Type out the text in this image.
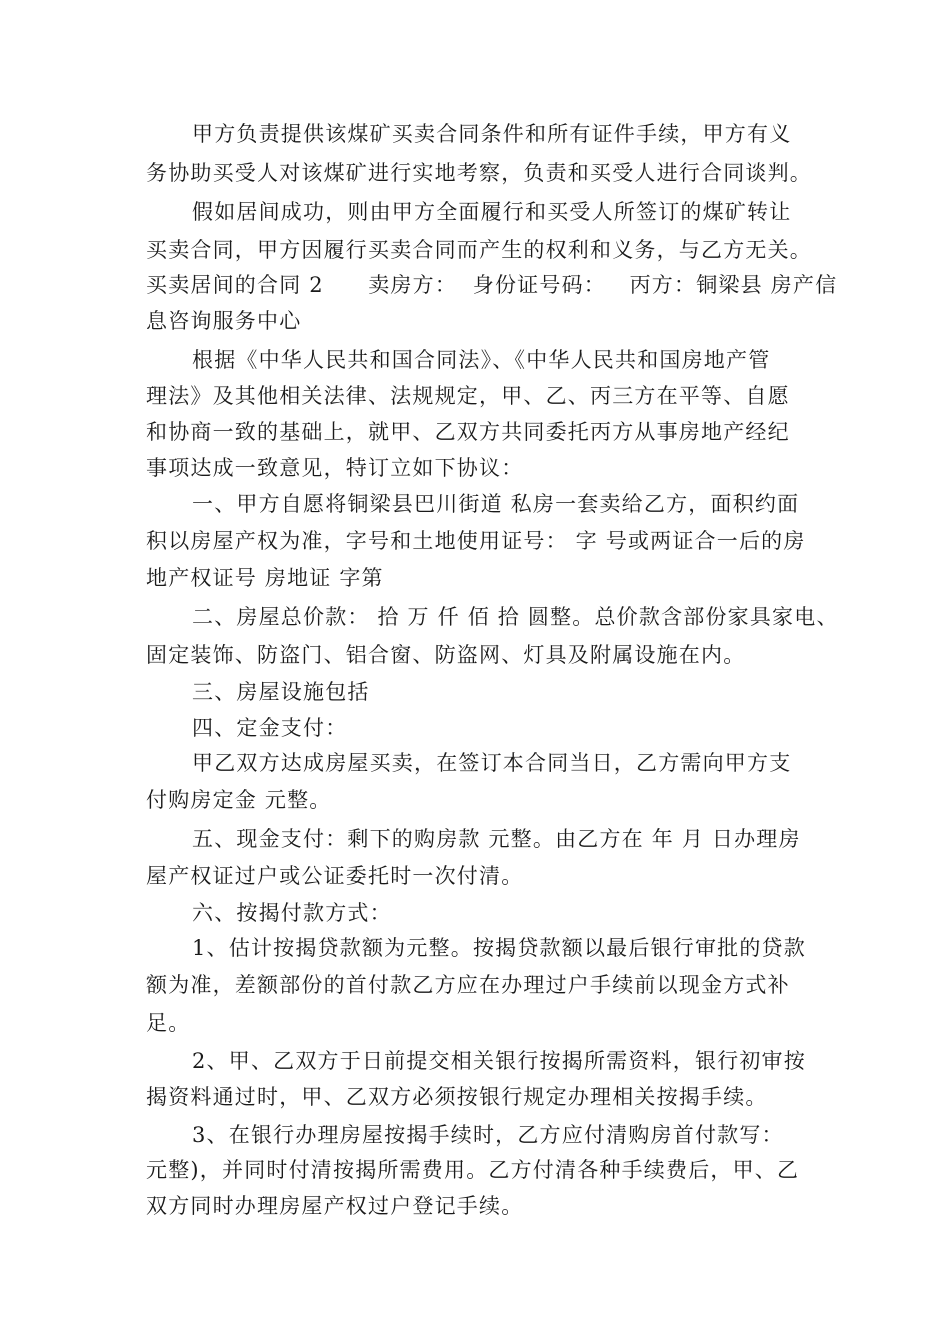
甲方负责提供该煤矿买卖合同条件和所有证件手续，甲方有义
务协助买受人对该煤矿进行实地考察，负责和买受人进行合同谈判。
假如居间成功，则由甲方全面履行和买受人所签订的煤矿转让
买卖合同，甲方因履行买卖合同而产生的权利和义务，与乙方无关。
买卖居间的合同 2　　卖房方：  身份证号码：   丙方：铜梁县 房产信
息咨询服务中心
根据《中华人民共和国合同法》、《中华人民共和国房地产管
理法》及其他相关法律、法规规定，甲、乙、丙三方在平等、自愿
和协商一致的基础上，就甲、乙双方共同委托丙方从事房地产经纪
事项达成一致意见，特订立如下协议：
一、甲方自愿将铜梁县巴川街道 私房一套卖给乙方，面积约面
积以房屋产权为准，字号和土地使用证号： 字 号或两证合一后的房
地产权证号 房地证 字第
二、房屋总价款： 拾 万 仟 佰 拾 圆整。总价款含部份家具家电、
固定装饰、防盗门、铝合窗、防盗网、灯具及附属设施在内。
三、房屋设施包括
四、定金支付：
甲乙双方达成房屋买卖，在签订本合同当日，乙方需向甲方支
付购房定金 元整。
五、现金支付：剩下的购房款 元整。由乙方在 年 月 日办理房
屋产权证过户或公证委托时一次付清。
六、按揭付款方式：
1、估计按揭贷款额为元整。按揭贷款额以最后银行审批的贷款
额为准，差额部份的首付款乙方应在办理过户手续前以现金方式补
足。
2、甲、乙双方于日前提交相关银行按揭所需资料，银行初审按
揭资料通过时，甲、乙双方必须按银行规定办理相关按揭手续。
3、在银行办理房屋按揭手续时，乙方应付清购房首付款写：
元整)，并同时付清按揭所需费用。乙方付清各种手续费后，甲、乙
双方同时办理房屋产权过户登记手续。
